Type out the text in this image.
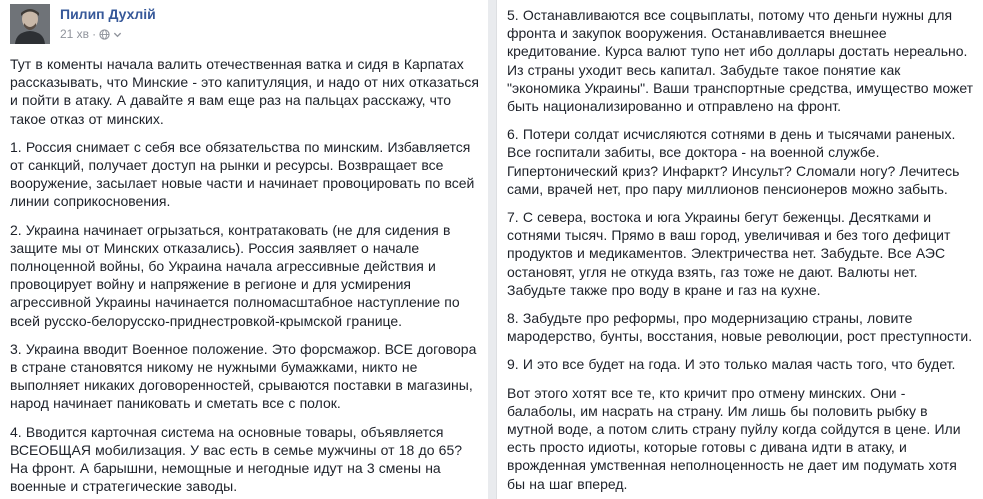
Пилип Духлій
21 хв ·

Тут в коменты начала валить отечественная ватка и сидя в Карпатах рассказывать, что Минские - это капитуляция, и надо от них отказаться и пойти в атаку. А давайте я вам еще раз на пальцах расскажу, что такое отказ от минских.

1. Россия снимает с себя все обязательства по минским. Избавляется от санкций, получает доступ на рынки и ресурсы. Возвращает все вооружение, засылает новые части и начинает провоцировать по всей линии соприкосновения.

2. Украина начинает огрызаться, контратаковать (не для сидения в защите мы от Минских отказались). Россия заявляет о начале полноценной войны, бо Украина начала агрессивные действия и провоцирует войну и напряжение в регионе и для усмирения агрессивной Украины начинается полномасштабное наступление по всей русско-белорусско-приднестровкой-крымской границе.

3. Украина вводит Военное положение. Это форсмажор. ВСЕ договора в стране становятся никому не нужными бумажками, никто не выполняет никаких договоренностей, срываются поставки в магазины, народ начинает паниковать и сметать все с полок.

4. Вводится карточная система на основные товары, объявляется ВСЕОБЩАЯ мобилизация. У вас есть в семье мужчины от 18 до 65? На фронт. А барышни, немощные и негодные идут на 3 смены на военные и стратегические заводы.

5. Останавливаются все соцвыплаты, потому что деньги нужны для фронта и закупок вооружения. Останавливается внешнее кредитование. Курса валют тупо нет ибо доллары достать нереально. Из страны уходит весь капитал. Забудьте такое понятие как "экономика Украины". Ваши транспортные средства, имущество может быть национализированно и отправлено на фронт.

6. Потери солдат исчисляются сотнями в день и тысячами раненых. Все госпитали забиты, все доктора - на военной службе. Гипертонический криз? Инфаркт? Инсульт? Сломали ногу? Лечитесь сами, врачей нет, про пару миллионов пенсионеров можно забыть.

7. С севера, востока и юга Украины бегут беженцы. Десятками и сотнями тысяч. Прямо в ваш город, увеличивая и без того дефицит продуктов и медикаментов. Электричества нет. Забудьте. Все АЭС остановят, угля не откуда взять, газ тоже не дают. Валюты нет. Забудьте также про воду в кране и газ на кухне.

8. Забудьте про реформы, про модернизацию страны, ловите мародерство, бунты, восстания, новые революции, рост преступности.

9. И это все будет на года. И это только малая часть того, что будет.

Вот этого хотят все те, кто кричит про отмену минских. Они - балаболы, им насрать на страну. Им лишь бы половить рыбку в мутной воде, а потом слить страну пуйлу когда сойдутся в цене. Или есть просто идиоты, которые готовы с дивана идти в атаку, и врожденная умственная неполноценность не дает им подумать хотя бы на шаг вперед.
